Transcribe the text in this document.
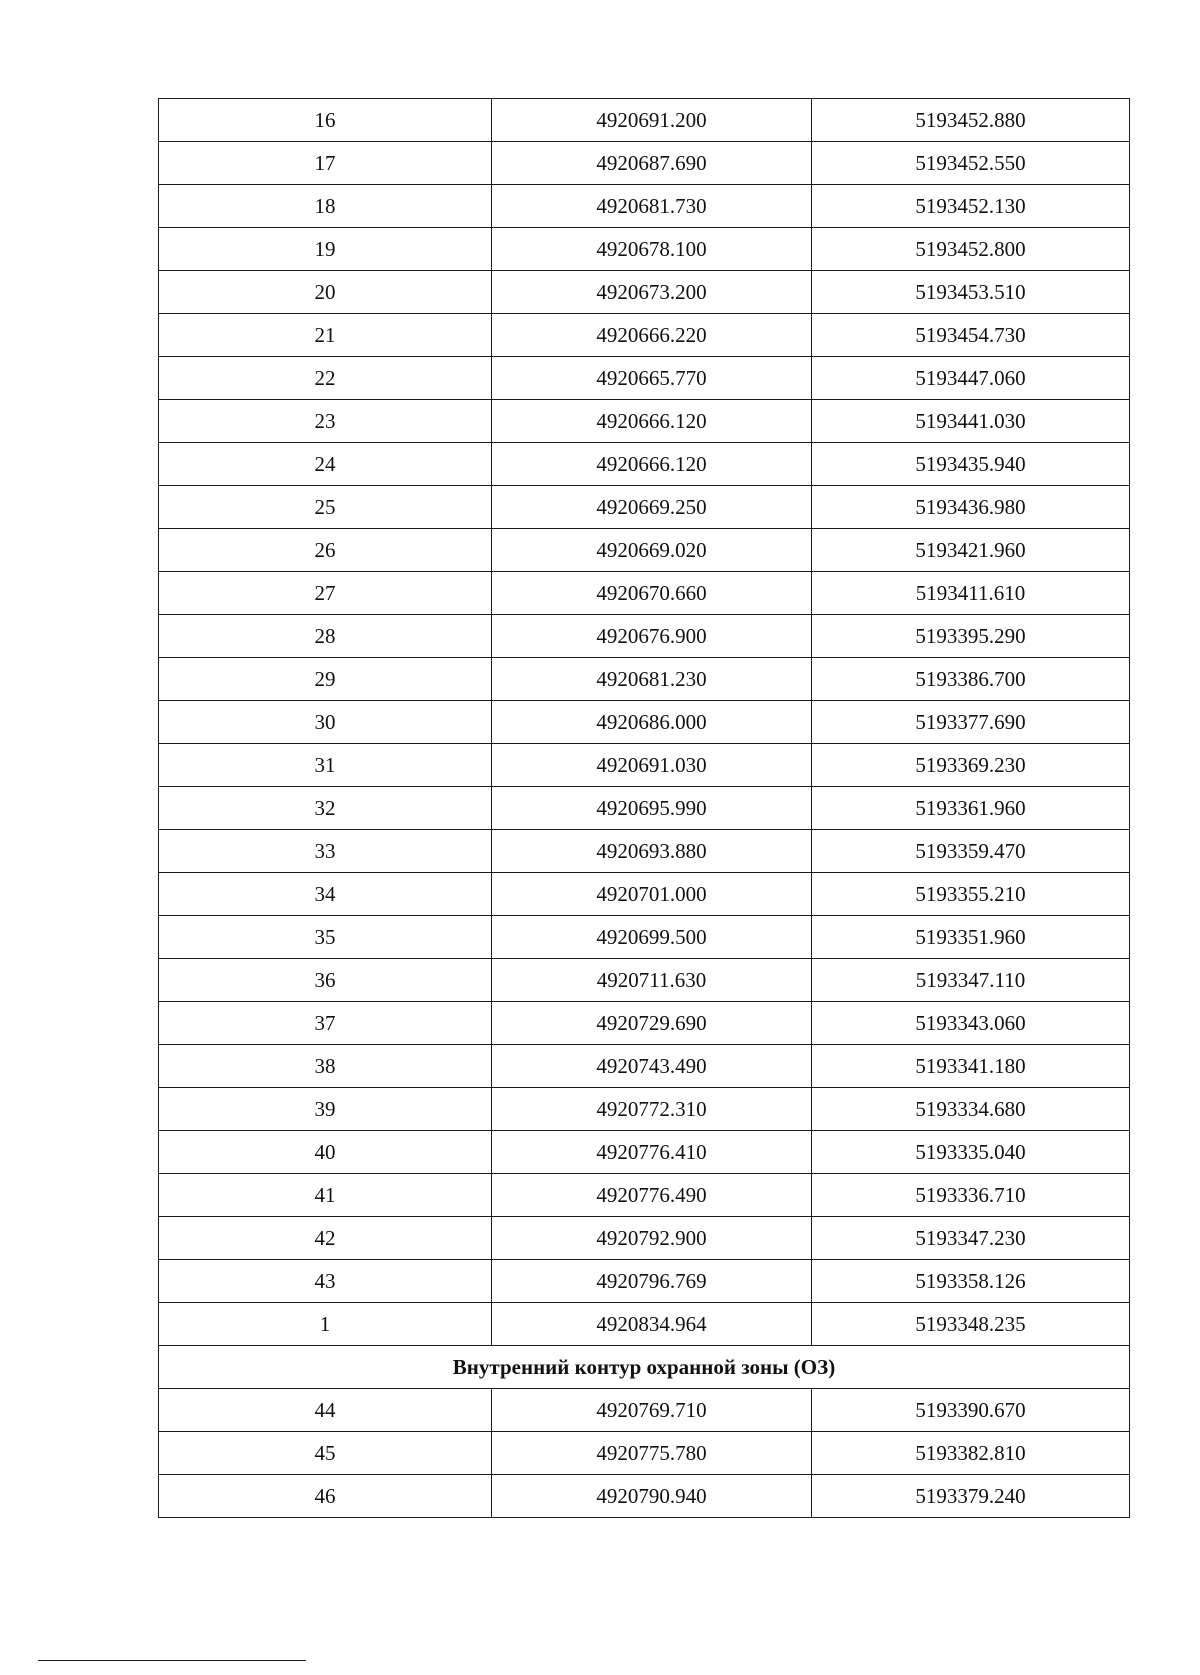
16	4920691.200	5193452.880
17	4920687.690	5193452.550
18	4920681.730	5193452.130
19	4920678.100	5193452.800
20	4920673.200	5193453.510
21	4920666.220	5193454.730
22	4920665.770	5193447.060
23	4920666.120	5193441.030
24	4920666.120	5193435.940
25	4920669.250	5193436.980
26	4920669.020	5193421.960
27	4920670.660	5193411.610
28	4920676.900	5193395.290
29	4920681.230	5193386.700
30	4920686.000	5193377.690
31	4920691.030	5193369.230
32	4920695.990	5193361.960
33	4920693.880	5193359.470
34	4920701.000	5193355.210
35	4920699.500	5193351.960
36	4920711.630	5193347.110
37	4920729.690	5193343.060
38	4920743.490	5193341.180
39	4920772.310	5193334.680
40	4920776.410	5193335.040
41	4920776.490	5193336.710
42	4920792.900	5193347.230
43	4920796.769	5193358.126
1	4920834.964	5193348.235
Внутренний контур охранной зоны (ОЗ)		
44	4920769.710	5193390.670
45	4920775.780	5193382.810
46	4920790.940	5193379.240
